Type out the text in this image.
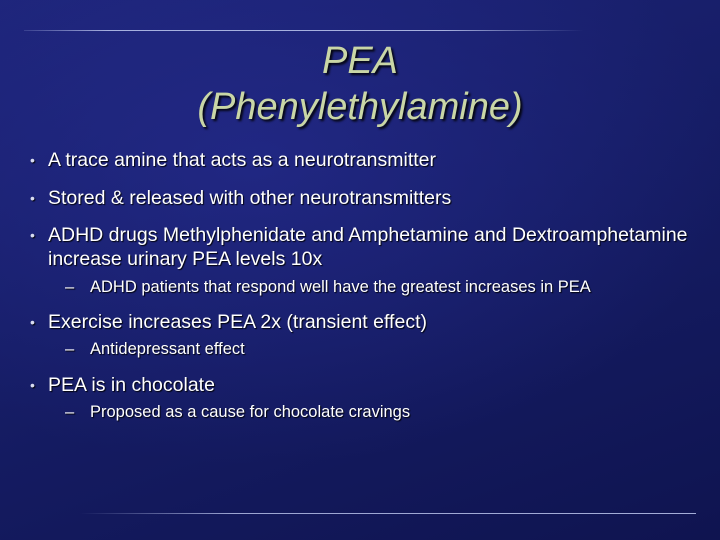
PEA
(Phenylethylamine)
• A trace amine that acts as a neurotransmitter
• Stored & released with other neurotransmitters
• ADHD drugs Methylphenidate and Amphetamine and Dextroamphetamine increase urinary PEA levels 10x
– ADHD patients that respond well have the greatest increases in PEA
• Exercise increases PEA 2x (transient effect)
– Antidepressant effect
• PEA is in chocolate
– Proposed as a cause for chocolate cravings
